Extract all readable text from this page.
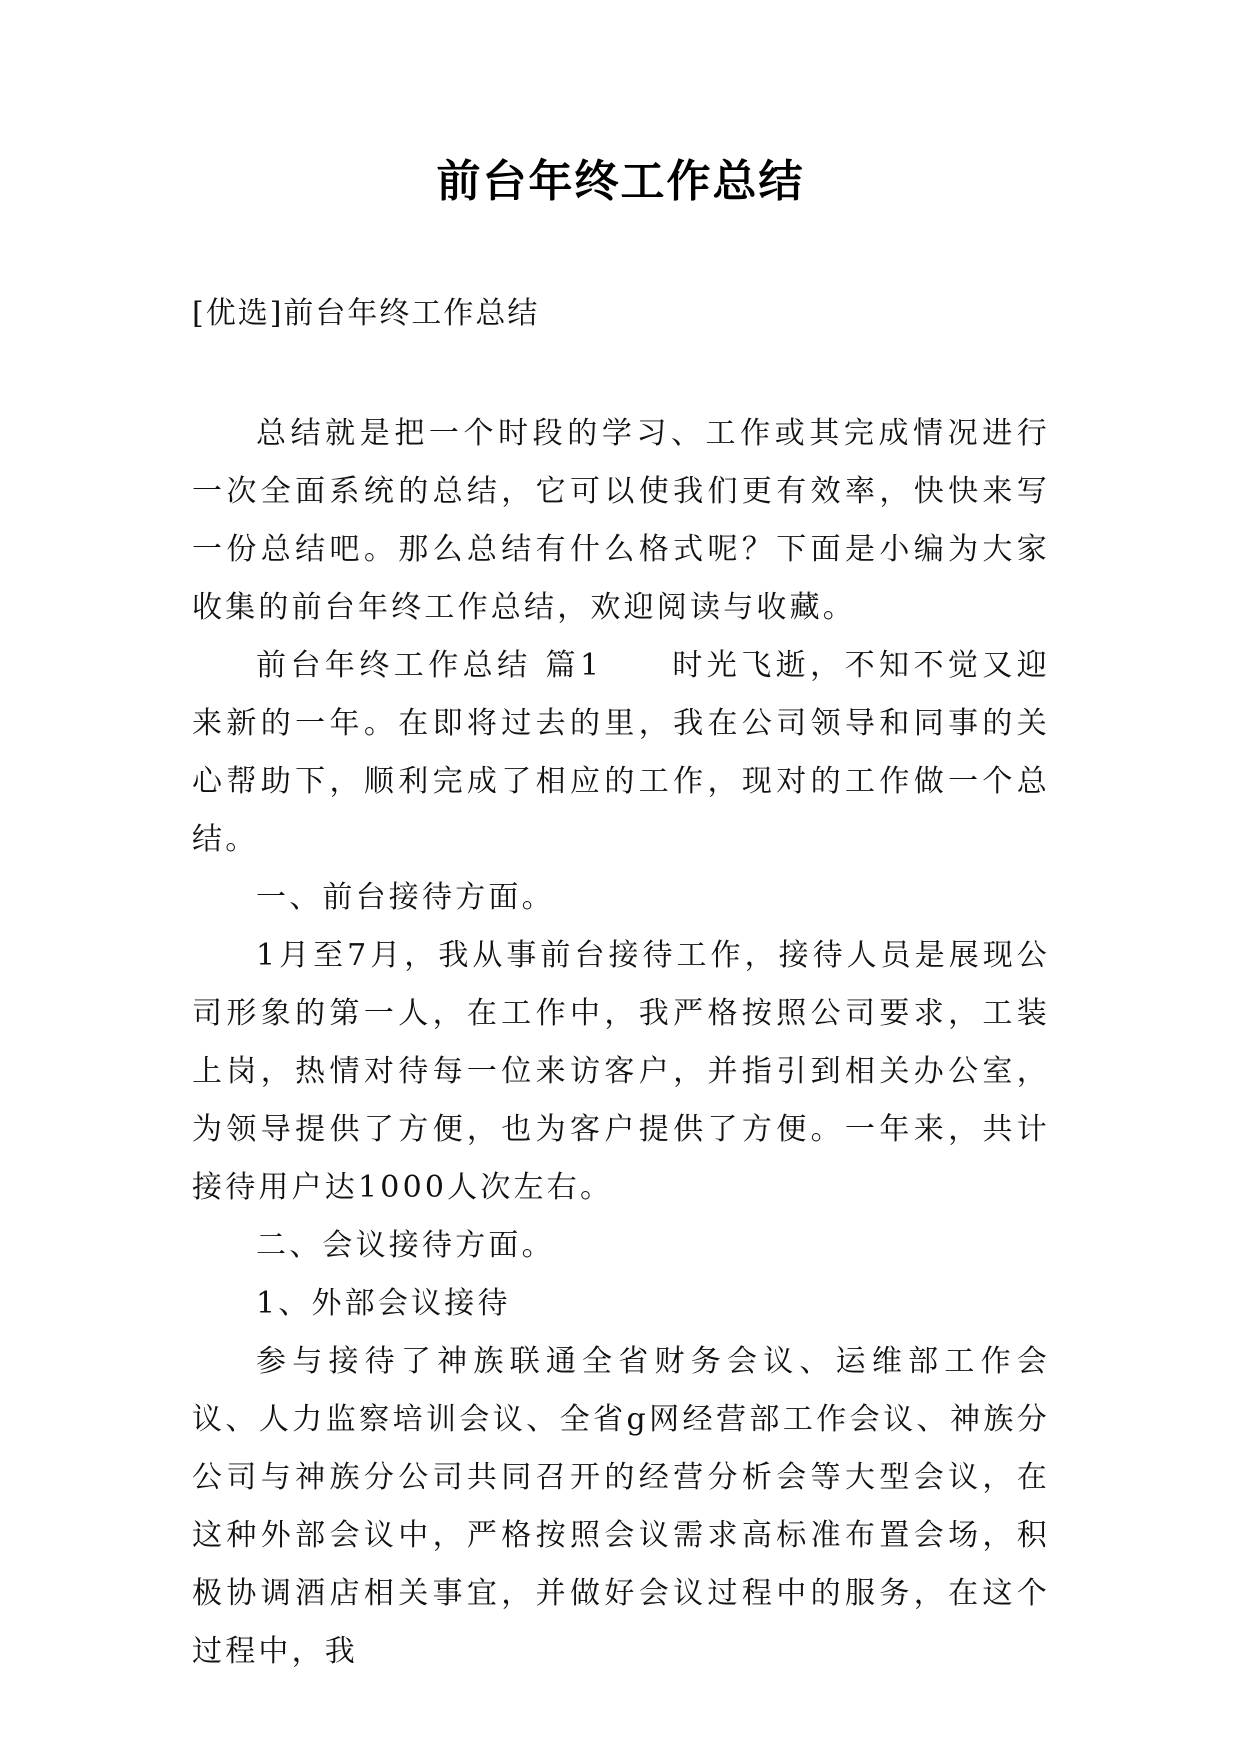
前台年终工作总结
[优选]前台年终工作总结

总结就是把一个时段的学习、工作或其完成情况进行一次全面系统的总结，它可以使我们更有效率，快快来写一份总结吧。那么总结有什么格式呢？下面是小编为大家收集的前台年终工作总结，欢迎阅读与收藏。

前台年终工作总结 篇1　　时光飞逝，不知不觉又迎来新的一年。在即将过去的里，我在公司领导和同事的关心帮助下，顺利完成了相应的工作，现对的工作做一个总结。

一、前台接待方面。

1月至7月，我从事前台接待工作，接待人员是展现公司形象的第一人，在工作中，我严格按照公司要求，工装上岗，热情对待每一位来访客户，并指引到相关办公室，为领导提供了方便，也为客户提供了方便。一年来，共计接待用户达1000人次左右。

二、会议接待方面。

1、外部会议接待

参与接待了神族联通全省财务会议、运维部工作会议、人力监察培训会议、全省g网经营部工作会议、神族分公司与神族分公司共同召开的经营分析会等大型会议，在这种外部会议中，严格按照会议需求高标准布置会场，积极协调酒店相关事宜，并做好会议过程中的服务，在这个过程中，我
